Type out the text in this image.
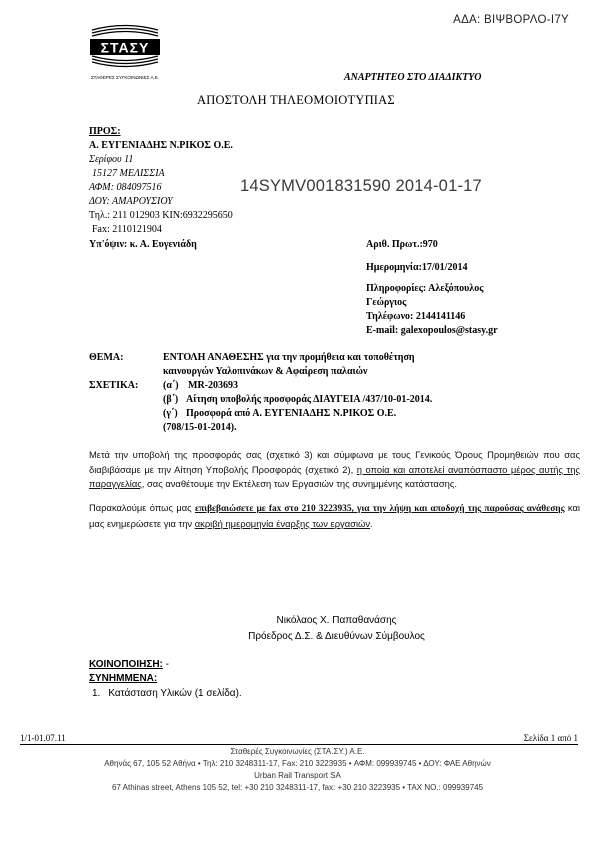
ΑΔΑ: ΒΙΨΒΟΡΛΟ-Ι7Υ
ΣΤΑΣΥ
ΣΤΑΘΕΡΕΣ ΣΥΓΚΟΙΝΩΝΙΕΣ Α.Ε.	ΑΝΑΡΤΗΤΕΟ ΣΤΟ ΔΙΑΔΙΚΤΥΟ
ΑΠΟΣΤΟΛΗ ΤΗΛΕΟΜΟΙΟΤΥΠΙΑΣ
ΠΡΟΣ:
Α. ΕΥΓΕΝΙΑΔΗΣ Ν.ΡΙΚΟΣ Ο.Ε.
Σερίφου 11
15127 ΜΕΛΙΣΣΙΑ
ΑΦΜ: 084097516
ΔΟΥ: ΑΜΑΡΟΥΣΙΟΥ
Τηλ.: 211 012903 ΚΙΝ:6932295650
Fax: 2110121904
Υπ'όψιν: κ. Α. Ευγενιάδη
14SYMV001831590 2014-01-17
Αριθ. Πρωτ.:970
Ημερομηνία:17/01/2014
Πληροφορίες: Αλεξόπουλος
Γεώργιος
Τηλέφωνο: 2144141146
E-mail: galexopoulos@stasy.gr
ΘΕΜΑ:	ΕΝΤΟΛΗ ΑΝΑΘΕΣΗΣ για την προμήθεια και τοποθέτηση
καινουργών Υαλοπινάκων & Αφαίρεση παλαιών
ΣΧΕΤΙΚΑ: (α΄) MR-203693
(β΄) Αίτηση υποβολής προσφοράς ΔΙΑΥΓΕΙΑ /437/10-01-2014.
(γ΄) Προσφορά από Α. ΕΥΓΕΝΙΑΔΗΣ Ν.ΡΙΚΟΣ Ο.Ε.
(708/15-01-2014).
Μετά την υποβολή της προσφοράς σας (σχετικό 3) και σύμφωνα με τους Γενικούς Όρους Προμηθειών που σας διαβιβάσαμε με την Αίτηση Υποβολής Προσφοράς (σχετικό 2), η οποία και αποτελεί αναπόσπαστο μέρος αυτής της παραγγελίας, σας αναθέτουμε την Εκτέλεση των Εργασιών της συνημμένης κατάστασης.
Παρακαλούμε όπως μας επιβεβαιώσετε με fax στο 210 3223935, για την λήψη και αποδοχή της παρούσας ανάθεσης και μας ενημερώσετε για την ακριβή ημερομηνία έναρξης των εργασιών.
Νικόλαος Χ. Παπαθανάσης
Πρόεδρος Δ.Σ. & Διευθύνων Σύμβουλος
ΚΟΙΝΟΠΟΙΗΣΗ: -
ΣΥΝΗΜΜΕΝΑ:
1. Κατάσταση Υλικών (1 σελίδα).
1/1-01.07.11	Σελίδα 1 από 1
Σταθερές Συγκοινωνίες (ΣΤΑ.ΣΥ.) Α.Ε.
Αθηνάς 67, 105 52 Αθήνα • Τηλ: 210 3248311-17, Fax: 210 3223935 • ΑΦΜ: 099939745 • ΔΟΥ: ΦΑΕ Αθηνών
Urban Rail Transport SA
67 Athinas street, Athens 105 52, tel: +30 210 3248311-17, fax: +30 210 3223935 • TAX NO.: 099939745
